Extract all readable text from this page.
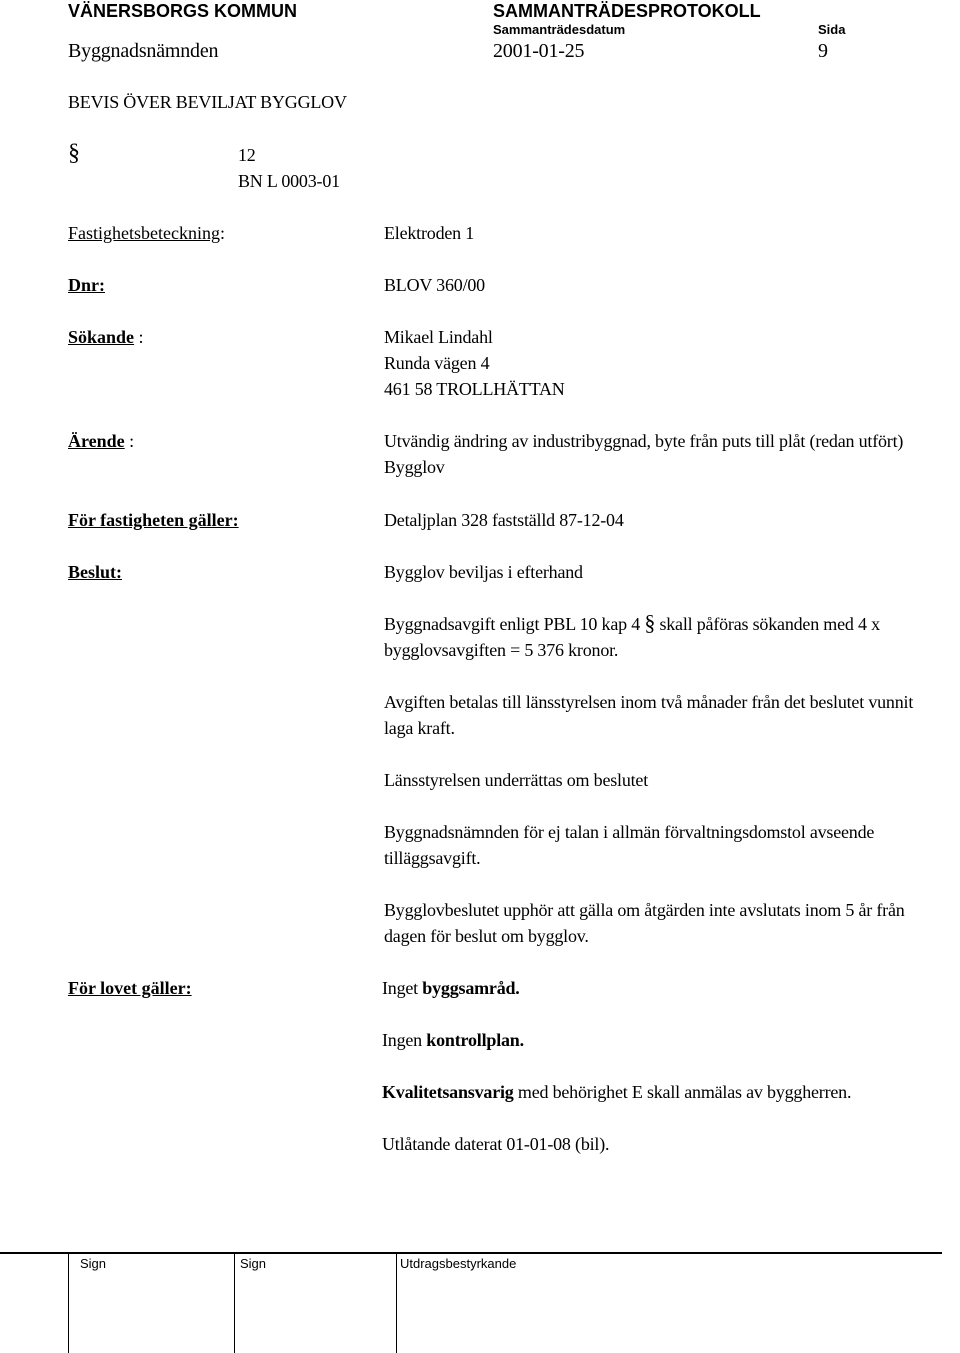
VÄNERSBORGS KOMMUN	SAMMANTRÄDESPROTOKOLL
Sammanträdesdatum	Sida
Byggnadsnämnden	2001-01-25	9
BEVIS ÖVER BEVILJAT BYGGLOV
§	12
BN L 0003-01
Fastighetsbeteckning:	Elektroden 1
Dnr:	BLOV 360/00
Sökande :	Mikael Lindahl
Runda vägen 4
461 58 TROLLHÄTTAN
Ärende :	Utvändig ändring av industribyggnad, byte från puts till plåt (redan utfört)
Bygglov
För fastigheten gäller:	Detaljplan 328 fastställd 87-12-04
Beslut:	Bygglov beviljas i efterhand
Byggnadsavgift enligt PBL 10 kap 4 § skall påföras sökanden med 4 x
bygglovsavgiften = 5 376 kronor.
Avgiften betalas till länsstyrelsen inom två månader från det beslutet vunnit
laga kraft.
Länsstyrelsen underrättas om beslutet
Byggnadsnämnden för ej talan i allmän förvaltningsdomstol avseende
tilläggsavgift.
Bygglovbeslutet upphör att gälla om åtgärden inte avslutats inom 5 år från
dagen för beslut om bygglov.
För lovet gäller:	Inget byggsamråd.
Ingen kontrollplan.
Kvalitetsansvarig med behörighet E skall anmälas av byggherren.
Utlåtande daterat 01-01-08 (bil).
Sign	Sign	Utdragsbestyrkande
